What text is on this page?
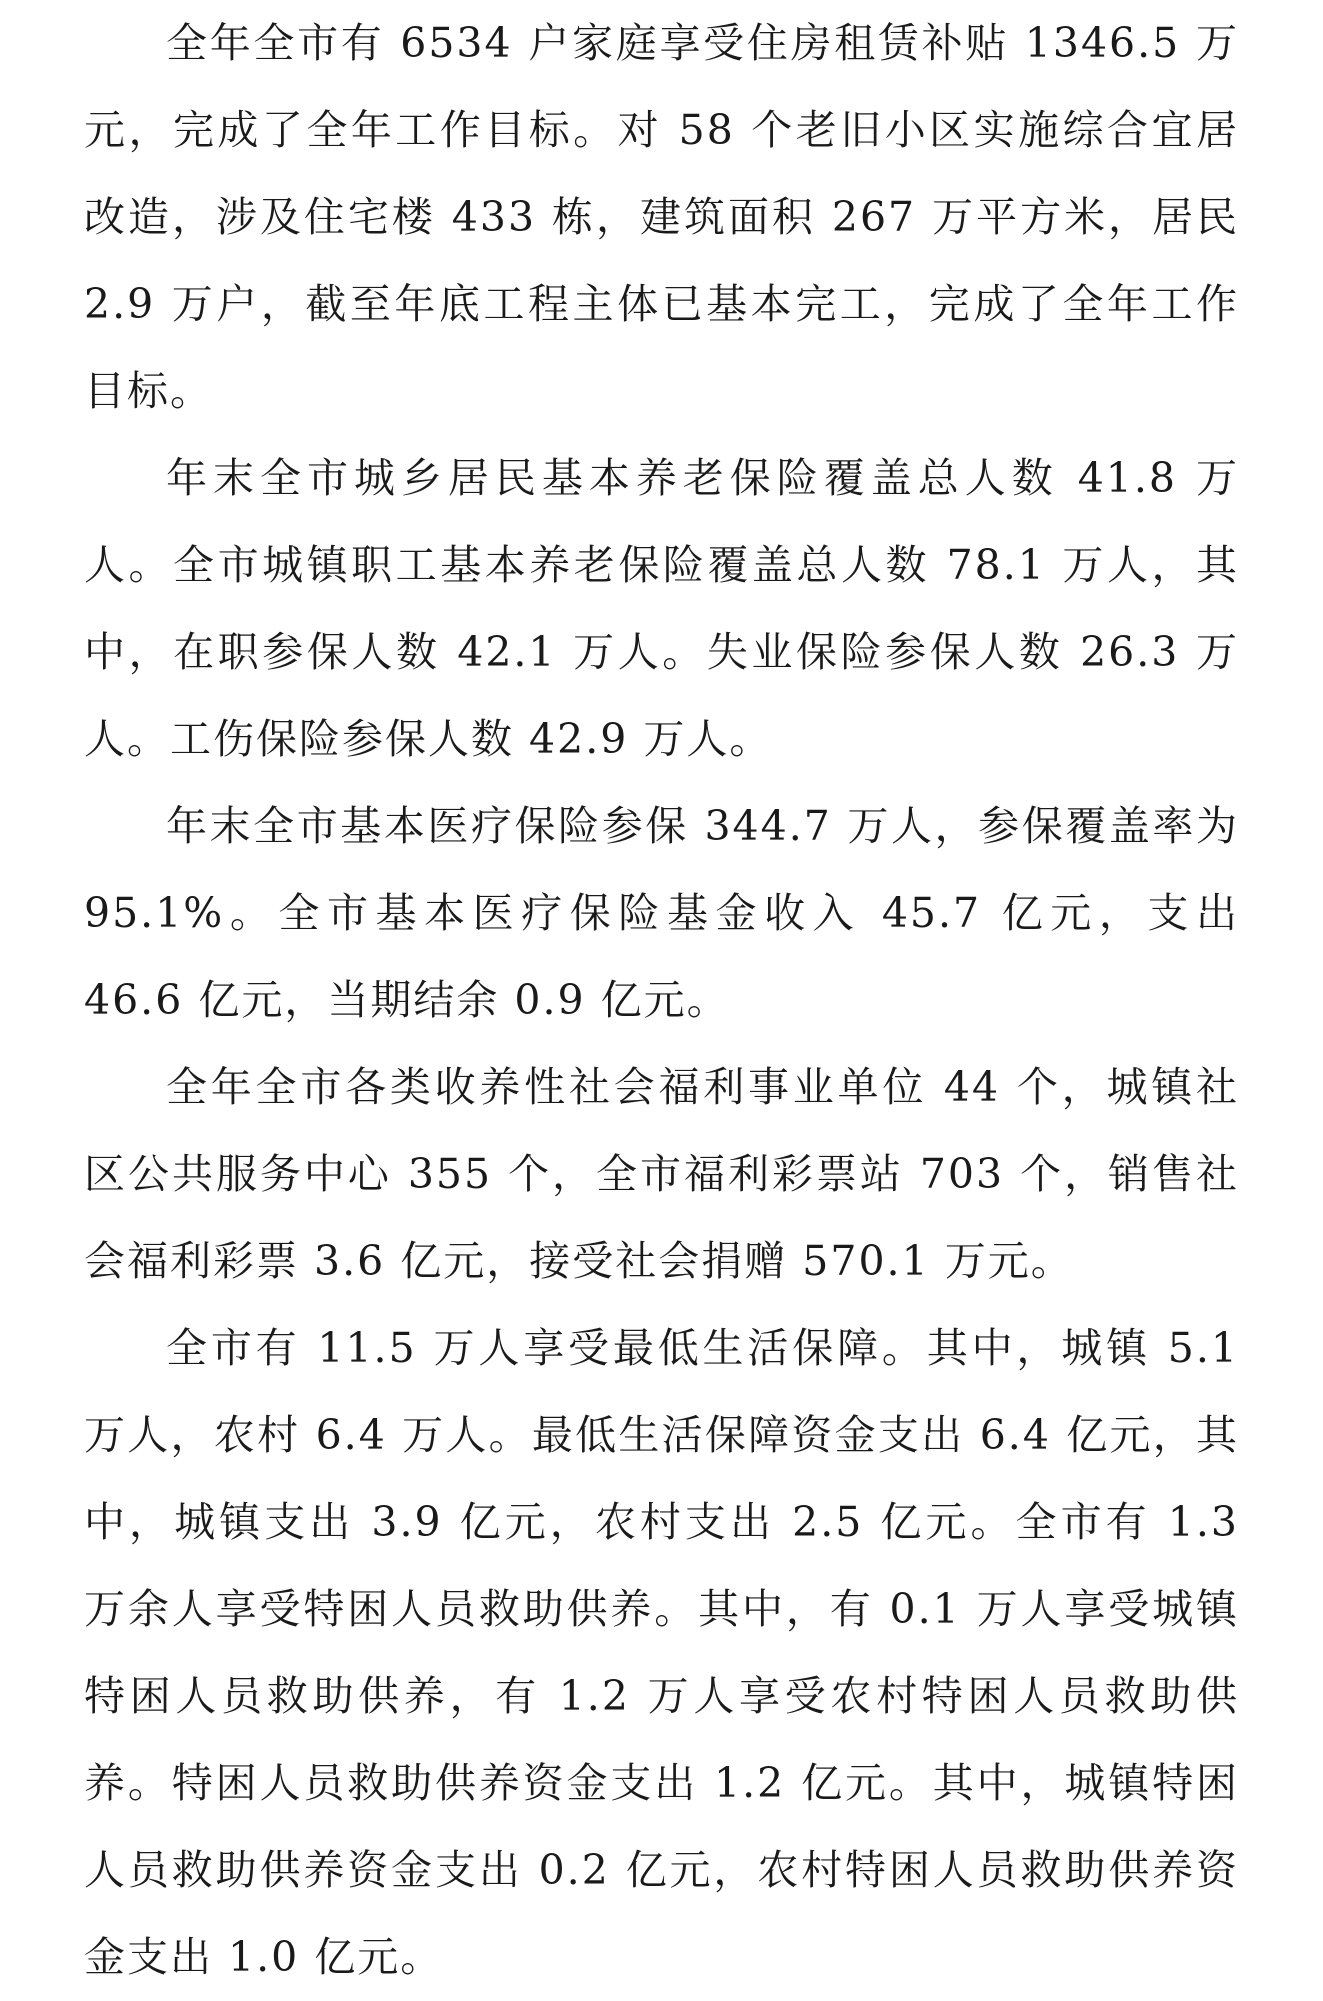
全年全市有 6534 户家庭享受住房租赁补贴 1346.5 万元，完成了全年工作目标。对 58 个老旧小区实施综合宜居改造，涉及住宅楼 433 栋，建筑面积 267 万平方米，居民 2.9 万户，截至年底工程主体已基本完工，完成了全年工作目标。

年末全市城乡居民基本养老保险覆盖总人数 41.8 万人。全市城镇职工基本养老保险覆盖总人数 78.1 万人，其中，在职参保人数 42.1 万人。失业保险参保人数 26.3 万人。工伤保险参保人数 42.9 万人。

年末全市基本医疗保险参保 344.7 万人，参保覆盖率为 95.1%。全市基本医疗保险基金收入 45.7 亿元，支出 46.6 亿元，当期结余 0.9 亿元。

全年全市各类收养性社会福利事业单位 44 个，城镇社区公共服务中心 355 个，全市福利彩票站 703 个，销售社会福利彩票 3.6 亿元，接受社会捐赠 570.1 万元。

全市有 11.5 万人享受最低生活保障。其中，城镇 5.1 万人，农村 6.4 万人。最低生活保障资金支出 6.4 亿元，其中，城镇支出 3.9 亿元，农村支出 2.5 亿元。全市有 1.3 万余人享受特困人员救助供养。其中，有 0.1 万人享受城镇特困人员救助供养，有 1.2 万人享受农村特困人员救助供养。特困人员救助供养资金支出 1.2 亿元。其中，城镇特困人员救助供养资金支出 0.2 亿元，农村特困人员救助供养资金支出 1.0 亿元。
